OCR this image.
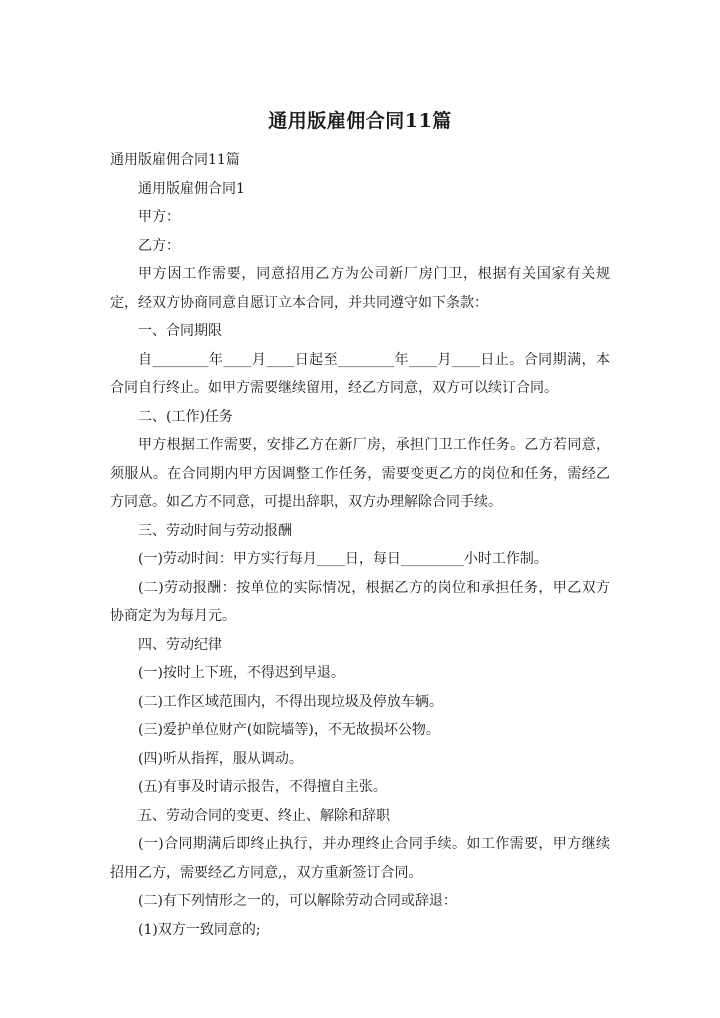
通用版雇佣合同11篇

通用版雇佣合同11篇

通用版雇佣合同1

甲方：

乙方：

甲方因工作需要，同意招用乙方为公司新厂房门卫，根据有关国家有关规定，经双方协商同意自愿订立本合同，并共同遵守如下条款：

一、合同期限

自________年____月____日起至________年____月____日止。合同期满，本合同自行终止。如甲方需要继续留用，经乙方同意，双方可以续订合同。

二、(工作)任务

甲方根据工作需要，安排乙方在新厂房，承担门卫工作任务。乙方若同意，须服从。在合同期内甲方因调整工作任务，需要变更乙方的岗位和任务，需经乙方同意。如乙方不同意，可提出辞职，双方办理解除合同手续。

三、劳动时间与劳动报酬

(一)劳动时间：甲方实行每月____日，每日_________小时工作制。

(二)劳动报酬：按单位的实际情况，根据乙方的岗位和承担任务，甲乙双方协商定为为每月元。

四、劳动纪律

(一)按时上下班，不得迟到早退。

(二)工作区域范围内，不得出现垃圾及停放车辆。

(三)爱护单位财产(如院墙等)，不无故损坏公物。

(四)听从指挥，服从调动。

(五)有事及时请示报告，不得擅自主张。

五、劳动合同的变更、终止、解除和辞职

(一)合同期满后即终止执行，并办理终止合同手续。如工作需要，甲方继续招用乙方，需要经乙方同意,，双方重新签订合同。

(二)有下列情形之一的，可以解除劳动合同或辞退：

(1)双方一致同意的;
